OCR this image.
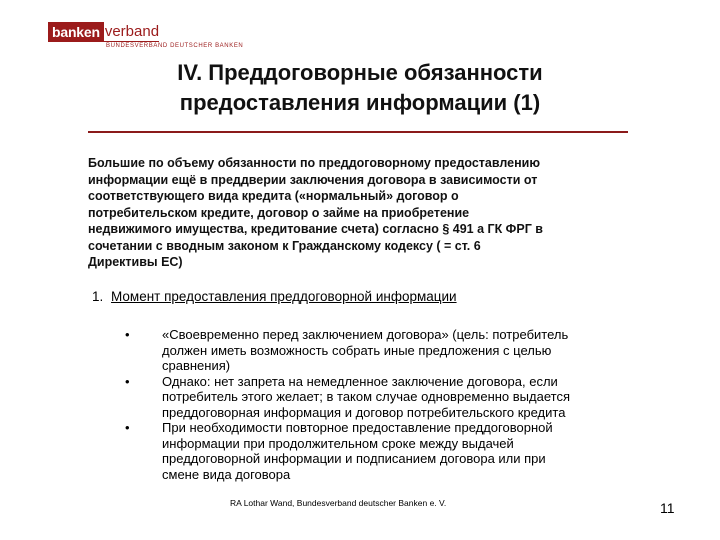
banken verband
BUNDESVERBAND DEUTSCHER BANKEN
IV. Преддоговорные обязанности
предоставления информации (1)
Большие по объему обязанности по преддоговорному предоставлению
информации ещё в преддверии заключения договора в зависимости от
соответствующего вида кредита («нормальный» договор о
потребительском кредите, договор о займе на приобретение
недвижимого имущества, кредитование счета) согласно § 491 а ГК ФРГ в
сочетании с вводным законом к Гражданскому кодексу ( = ст. 6
Директивы ЕС)
1. Момент предоставления преддоговорной информации
•	«Своевременно перед заключением договора» (цель: потребитель
должен иметь возможность собрать иные предложения с целью
сравнения)
•	Однако: нет запрета на немедленное заключение договора, если
потребитель этого желает; в таком случае одновременно выдается
преддоговорная информация и договор потребительского кредита
•	При необходимости повторное предоставление преддоговорной
информации при продолжительном сроке между выдачей
преддоговорной информации и подписанием договора или при
смене вида договора
RA Lothar Wand, Bundesverband deutscher Banken e. V.	11
